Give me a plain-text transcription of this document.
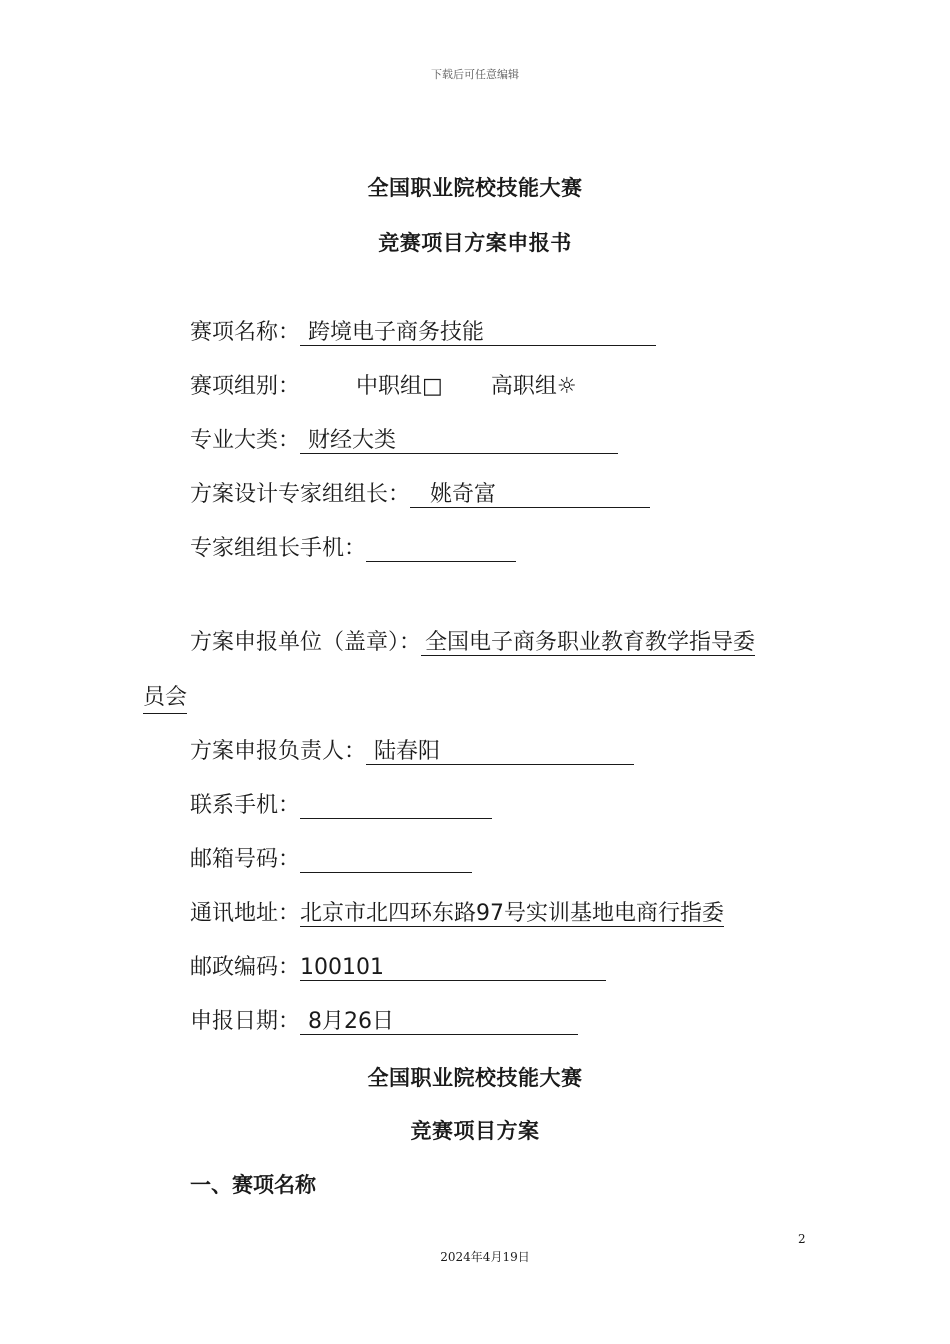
下载后可任意编辑
全国职业院校技能大赛
竞赛项目方案申报书
赛项名称： 跨境电子商务技能
赛项组别：	中职组□ 高职组☼
专业大类： 财经大类
方案设计专家组组长： 姚奇富
专家组组长手机：
方案申报单位（盖章）： 全国电子商务职业教育教学指导委
员会
方案申报负责人： 陆春阳
联系手机：
邮箱号码：
通讯地址：北京市北四环东路97号实训基地电商行指委
邮政编码：100101
申报日期： 8月26日
全国职业院校技能大赛
竞赛项目方案
一、赛项名称
2
2024年4月19日
